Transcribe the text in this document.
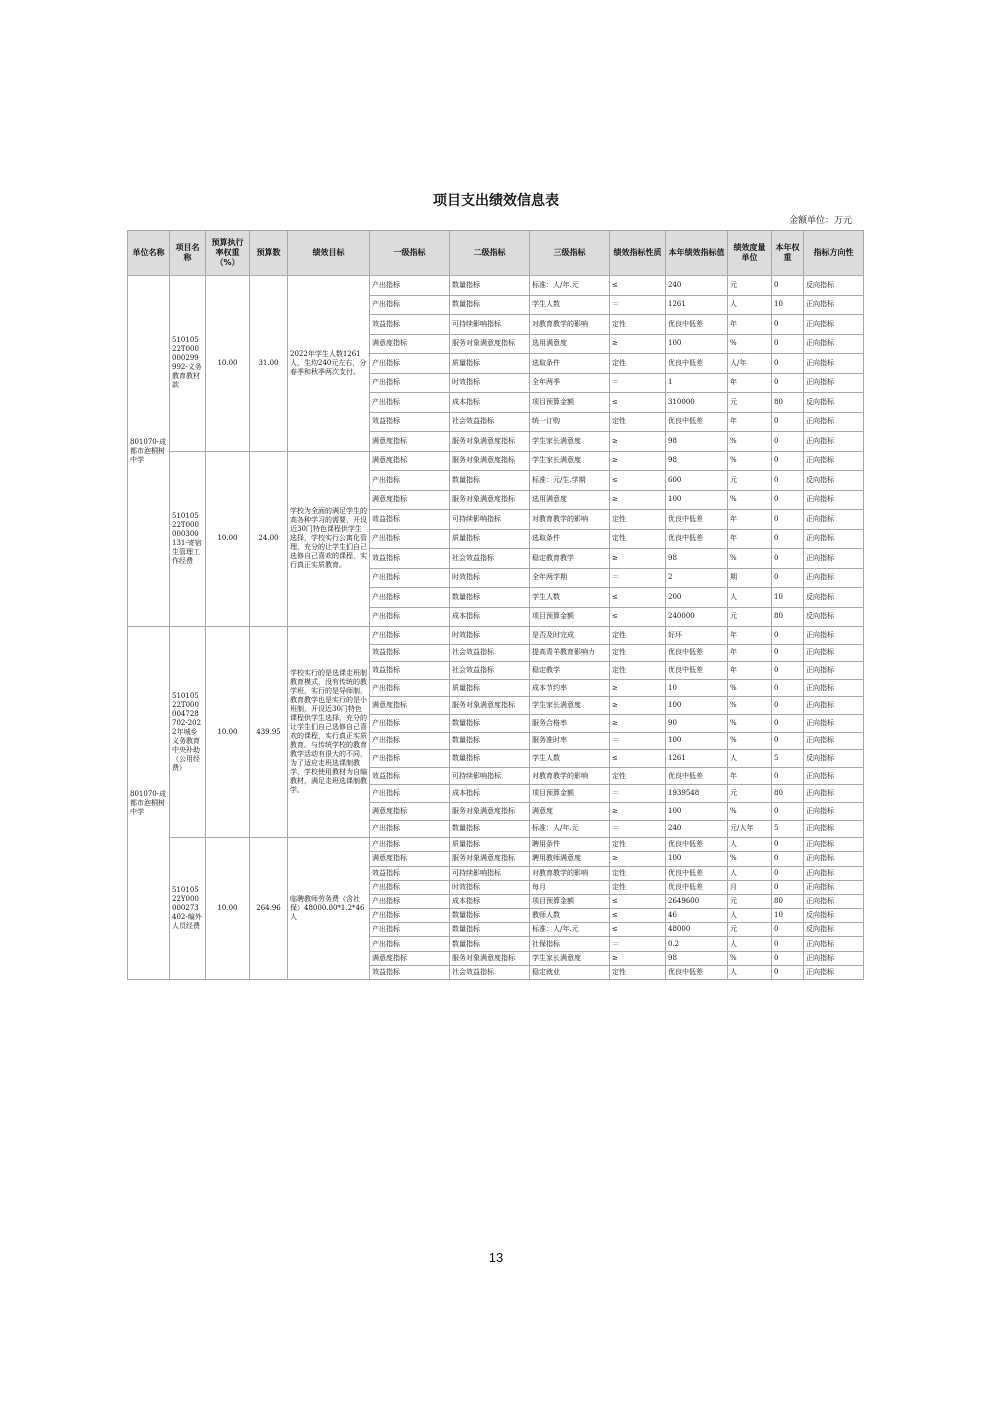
项目支出绩效信息表
金额单位：万元
单位名称	项目名称	预算执行率权重（%）	预算数	绩效目标	一级指标	二级指标	三级指标	绩效指标性质	本年绩效指标值	绩效度量单位	本年权重	指标方向性
801070-成都市泡桐树中学	51010522T000000299992-义务教育教材款	10.00	31.00	2022年学生人数1261人，生均240元左右，分春季和秋季两次支付。	产出指标	数量指标	标准：人/年.元	≤	240	元	0	反向指标
					产出指标	数量指标	学生人数	＝	1261	人	10	正向指标
					效益指标	可持续影响指标	对教育教学的影响	定性	优良中低差	年	0	正向指标
					满意度指标	服务对象满意度指标	选用满意度	≥	100	%	0	正向指标
					产出指标	质量指标	选取条件	定性	优良中低差	人/年	0	正向指标
					产出指标	时效指标	全年两季	＝	1	年	0	正向指标
					产出指标	成本指标	项目预算金额	≤	310000	元	80	反向指标
					效益指标	社会效益指标	统一订购	定性	优良中低差	年	0	正向指标
					满意度指标	服务对象满意度指标	学生家长满意度	≥	98	%	0	正向指标
	51010522T000000300131-寄宿生管理工作经费	10.00	24.00	学校为全面的满足学生的高各种学习的需要，开设近30门特色课程供学生选择，学校实行公寓化管理，充分的让学生们自己选修自己喜欢的课程，实行真正实质教育。	满意度指标	服务对象满意度指标	学生家长满意度	≥	98	%	0	正向指标
					产出指标	数量指标	标准：元/生.学期	≤	600	元	0	反向指标
					满意度指标	服务对象满意度指标	选用满意度	≥	100	%	0	正向指标
					效益指标	可持续影响指标	对教育教学的影响	定性	优良中低差	年	0	正向指标
					产出指标	质量指标	选取条件	定性	优良中低差	年	0	正向指标
					效益指标	社会效益指标	稳定教育教学	≥	98	%	0	正向指标
					产出指标	时效指标	全年两学期	＝	2	期	0	正向指标
					产出指标	数量指标	学生人数	≤	200	人	10	反向指标
					产出指标	成本指标	项目预算金额	≤	240000	元	80	反向指标
801070-成都市泡桐树中学	51010522T000004728702-2022年城乡义务教育中央补助（公用经费）	10.00	439.95	学校实行的是选课走班制教育模式，没有传统的教学班，实行的是导师制，教育教学也是实行的是小班制，开设近30门特色课程供学生选择，充分的让学生们自己选修自己喜欢的课程，实行真正实质教育。与传统学校的教育教学活动有很大的不同，为了适应走班选课制教学，学校使用教材为自编教材，满足走班选课制教学。	产出指标	时效指标	是否及时完成	定性	好坏	年	0	正向指标
					效益指标	社会效益指标	提高青羊教育影响力	定性	优良中低差	年	0	正向指标
					效益指标	社会效益指标	稳定教学	定性	优良中低差	年	0	正向指标
					产出指标	质量指标	成本节约率	≥	10	%	0	正向指标
					满意度指标	服务对象满意度指标	学生家长满意度	≥	100	%	0	正向指标
					产出指标	数量指标	服务合格率	≥	90	%	0	正向指标
					产出指标	数量指标	服务准时率	＝	100	%	0	正向指标
					产出指标	数量指标	学生人数	≤	1261	人	5	反向指标
					效益指标	可持续影响指标	对教育教学的影响	定性	优良中低差	年	0	正向指标
					产出指标	成本指标	项目预算金额	＝	1939548	元	80	正向指标
					满意度指标	服务对象满意度指标	满意度	≥	100	%	0	正向指标
					产出指标	数量指标	标准：人/年.元	＝	240	元/人年	5	正向指标
	51010522Y000000273402-编外人员经费	10.00	264.96	临聘教师劳务费（含社保）48000.00*1.2*46人	产出指标	质量指标	聘用条件	定性	优良中低差	人	0	正向指标
					满意度指标	服务对象满意度指标	聘用教师满意度	≥	100	%	0	正向指标
					效益指标	可持续影响指标	对教育教学的影响	定性	优良中低差	人	0	正向指标
					产出指标	时效指标	每月	定性	优良中低差	月	0	正向指标
					产出指标	成本指标	项目预算金额	≤	2649600	元	80	正向指标
					产出指标	数量指标	教师人数	≤	46	人	10	反向指标
					产出指标	数量指标	标准：人/年.元	≤	48000	元	0	反向指标
					产出指标	数量指标	社保指标	＝	0.2	人	0	正向指标
					满意度指标	服务对象满意度指标	学生家长满意度	≥	98	%	0	正向指标
					效益指标	社会效益指标	稳定就业	定性	优良中低差	人	0	正向指标
13
